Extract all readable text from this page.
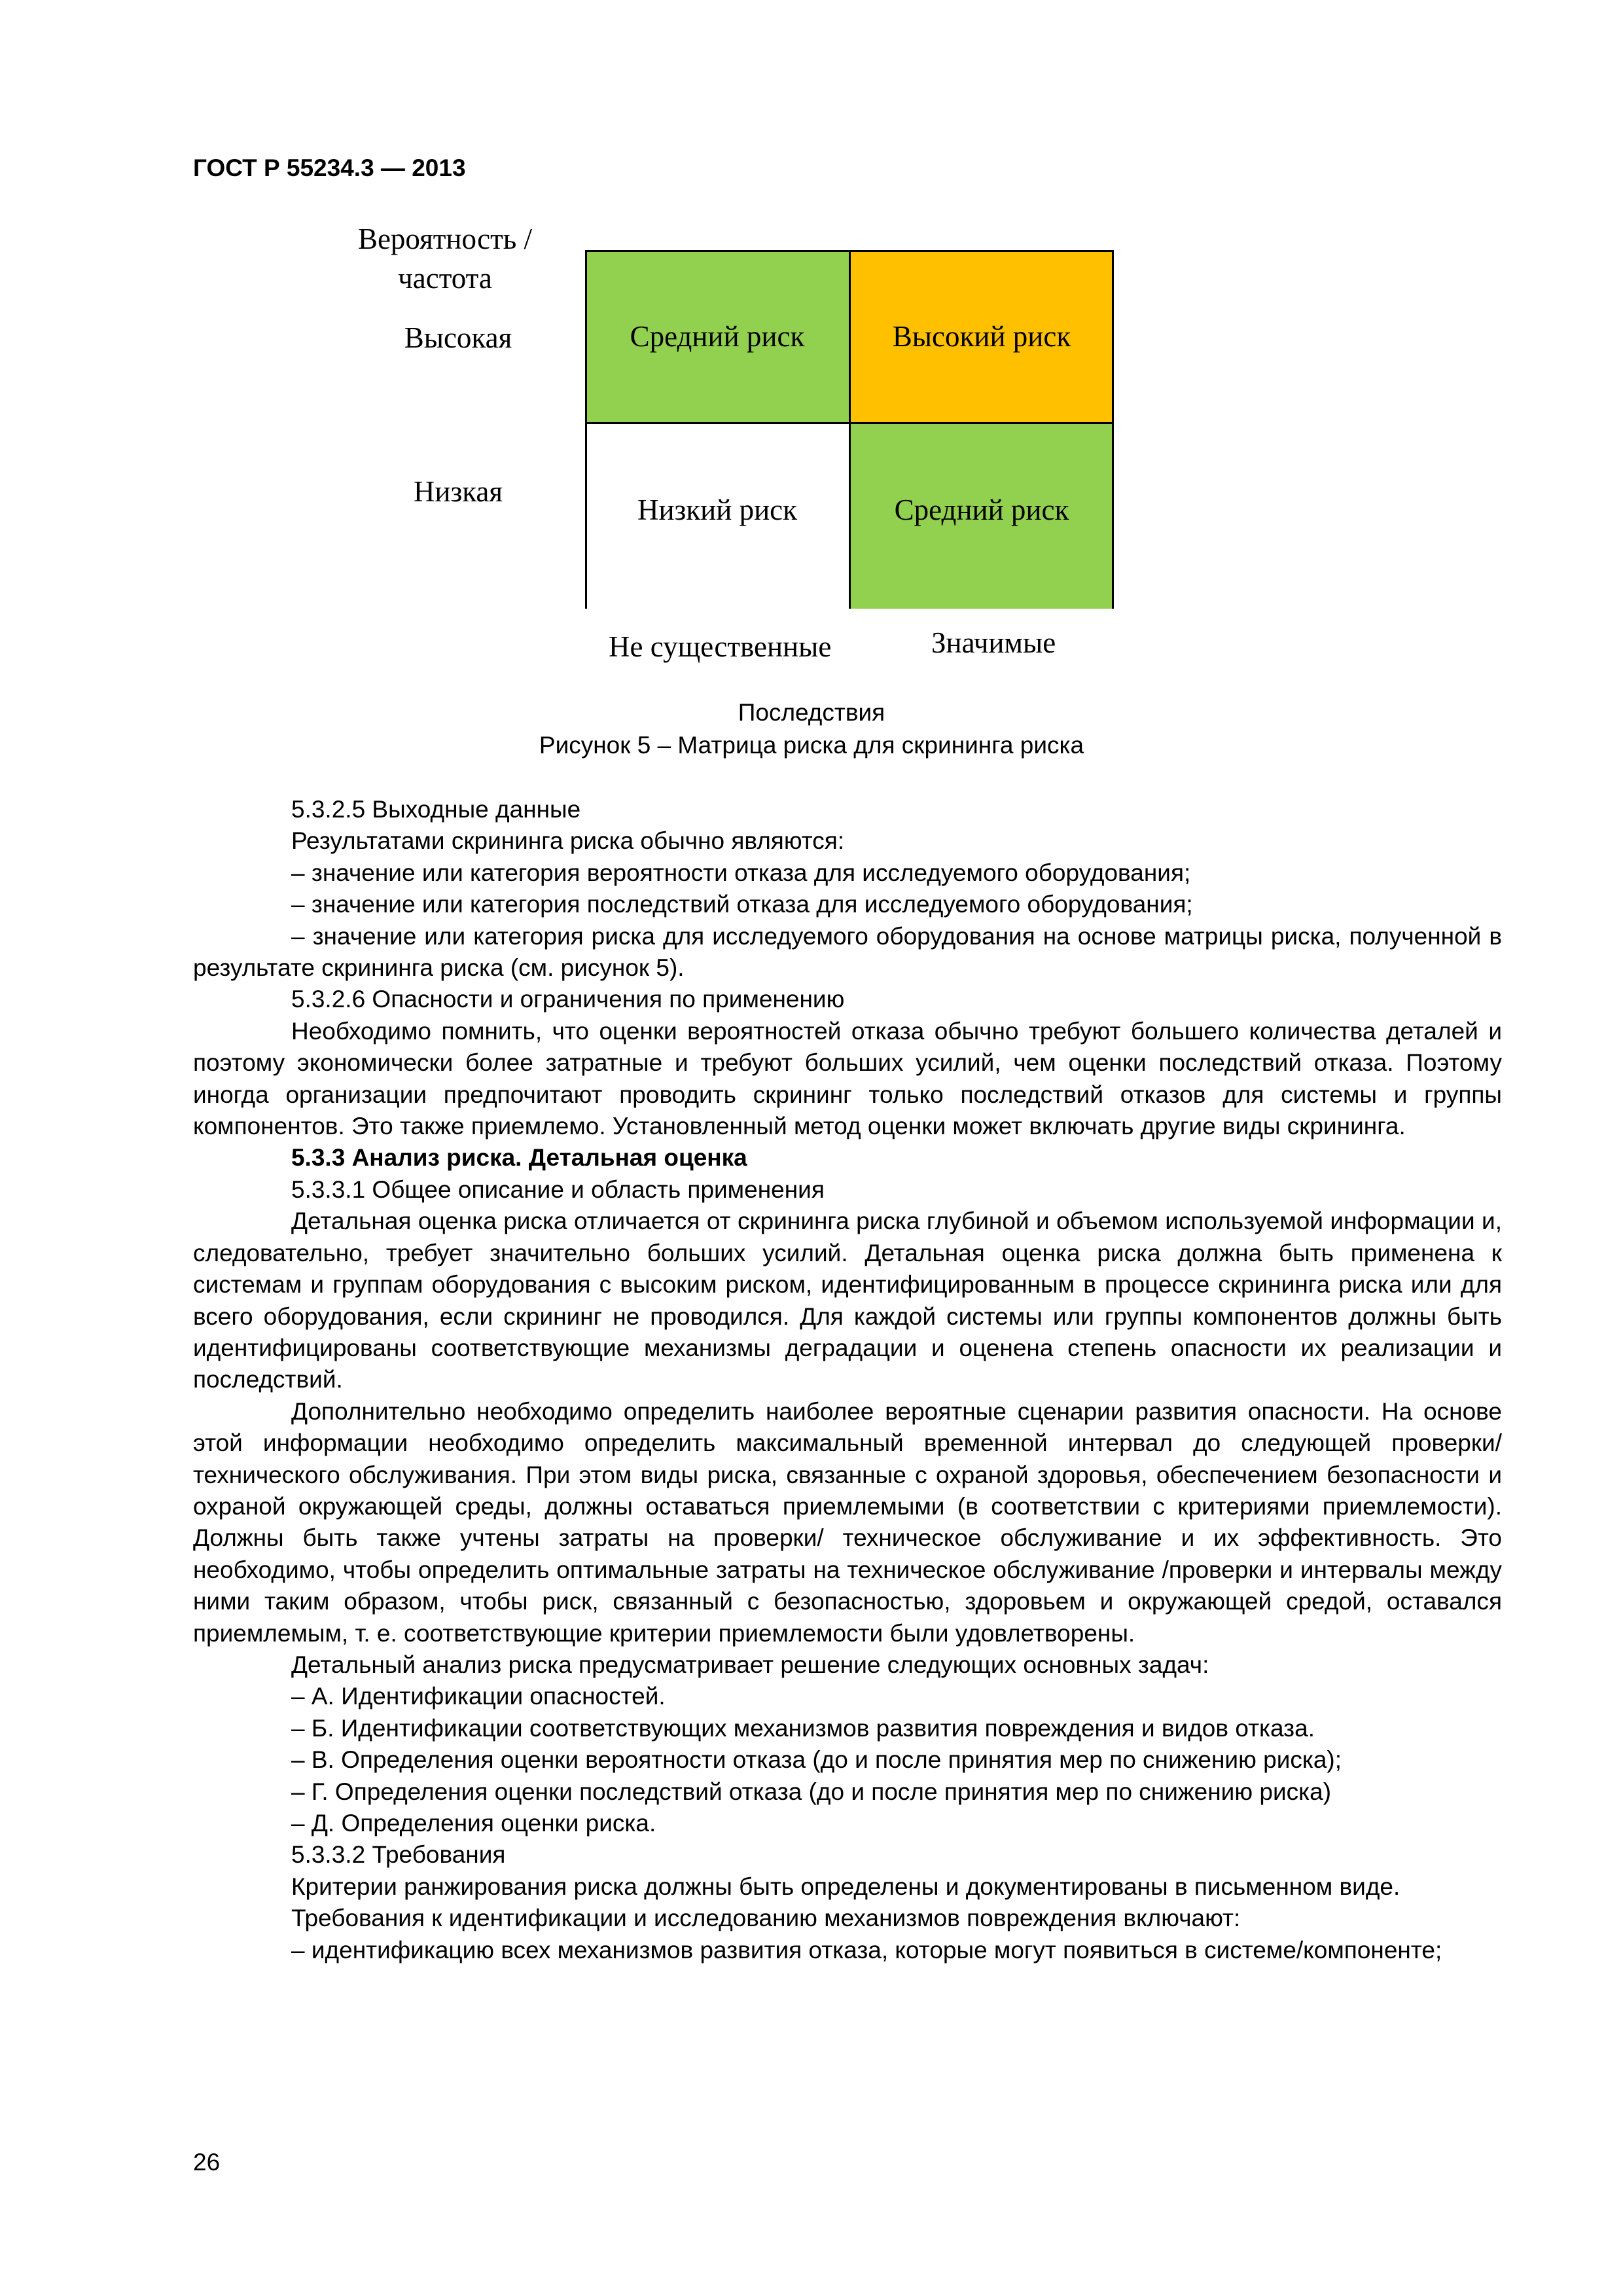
ГОСТ Р 55234.3 — 2013
Вероятность / частота
Высокая
Низкая
Средний риск	Высокий риск
Низкий риск	Средний риск
Не существенные	Значимые
Последствия
Рисунок 5 – Матрица риска для скрининга риска

5.3.2.5 Выходные данные

Результатами скрининга риска обычно являются:

– значение или категория вероятности отказа для исследуемого оборудования;

– значение или категория последствий отказа для исследуемого оборудования;

– значение или категория риска для исследуемого оборудования на основе матрицы риска, полученной в результате скрининга риска (см. рисунок 5).

5.3.2.6 Опасности и ограничения по применению

Необходимо помнить, что оценки вероятностей отказа обычно требуют большего количества деталей и поэтому экономически более затратные и требуют больших усилий, чем оценки последствий отказа. Поэтому иногда организации предпочитают проводить скрининг только последствий отказов для системы и группы компонентов. Это также приемлемо. Установленный метод оценки может включать другие виды скрининга.

5.3.3 Анализ риска. Детальная оценка

5.3.3.1 Общее описание и область применения

Детальная оценка риска отличается от скрининга риска глубиной и объемом используемой информации и, следовательно, требует значительно больших усилий. Детальная оценка риска должна быть применена к системам и группам оборудования с высоким риском, идентифицированным в процессе скрининга риска или для всего оборудования, если скрининг не проводился. Для каждой системы или группы компонентов должны быть идентифицированы соответствующие механизмы деградации и оценена степень опасности их реализации и последствий.

Дополнительно необходимо определить наиболее вероятные сценарии развития опасности. На основе этой информации необходимо определить максимальный временной интервал до следующей проверки/ технического обслуживания. При этом виды риска, связанные с охраной здоровья, обеспечением безопасности и охраной окружающей среды, должны оставаться приемлемыми (в соответствии с критериями приемлемости). Должны быть также учтены затраты на проверки/ техническое обслуживание и их эффективность. Это необходимо, чтобы определить оптимальные затраты на техническое обслуживание /проверки и интервалы между ними таким образом, чтобы риск, связанный с безопасностью, здоровьем и окружающей средой, оставался приемлемым, т. е. соответствующие критерии приемлемости были удовлетворены.

Детальный анализ риска предусматривает решение следующих основных задач:

– А. Идентификации опасностей.

– Б. Идентификации соответствующих механизмов развития повреждения и видов отказа.

– В. Определения оценки вероятности отказа (до и после принятия мер по снижению риска);

– Г. Определения оценки последствий отказа (до и после принятия мер по снижению риска)

– Д. Определения оценки риска.

5.3.3.2 Требования

Критерии ранжирования риска должны быть определены и документированы в письменном виде.

Требования к идентификации и исследованию механизмов повреждения включают:

– идентификацию всех механизмов развития отказа, которые могут появиться в системе/компоненте;

26
